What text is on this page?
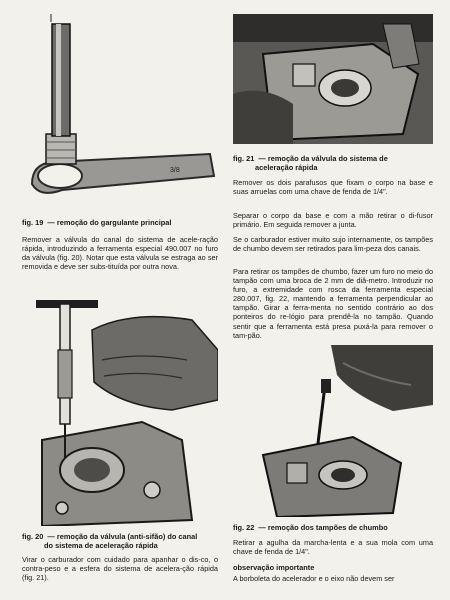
3/8
fig. 19 — remoção do gargulante principal

Remover a válvula do canal do sistema de acele-ração rápida, introduzindo a ferramenta especial 490.007 no furo da válvula (fig. 20). Notar que esta válvula se estraga ao ser removida e deve ser subs-tituída por outra nova.

fig. 20 — remoção da válvula (anti-sifão) do canal
do sistema de aceleração rápida

Virar o carburador com cuidado para apanhar o dis-co, o contra-peso e a esfera do sistema de acelera-ção rápida (fig. 21).

fig. 21 — remoção da válvula do sistema de
aceleração rápida

Remover os dois parafusos que fixam o corpo na base e suas arruelas com uma chave de fenda de 1/4".

Separar o corpo da base e com a mão retirar o di-fusor primário. Em seguida remover a junta.

Se o carburador estiver muito sujo internamente, os tampões de chumbo devem ser retirados para lim-peza dos canais.

Para retirar os tampões de chumbo, fazer um furo no meio do tampão com uma broca de 2 mm de diâ-metro. Introduzir no furo, a extremidade com rosca da ferramenta especial 280.007, fig. 22, mantendo a ferramenta perpendicular ao tampão. Girar a ferra-menta no sentido contrário ao dos ponteiros do re-lógio para prendê-la no tampão. Quando sentir que a ferramenta está presa puxá-la para remover o tam-pão.

fig. 22 — remoção dos tampões de chumbo

Retirar a agulha da marcha-lenta e a sua mola com uma chave de fenda de 1/4".

observação importante

A borboleta do acelerador e o eixo não devem ser
